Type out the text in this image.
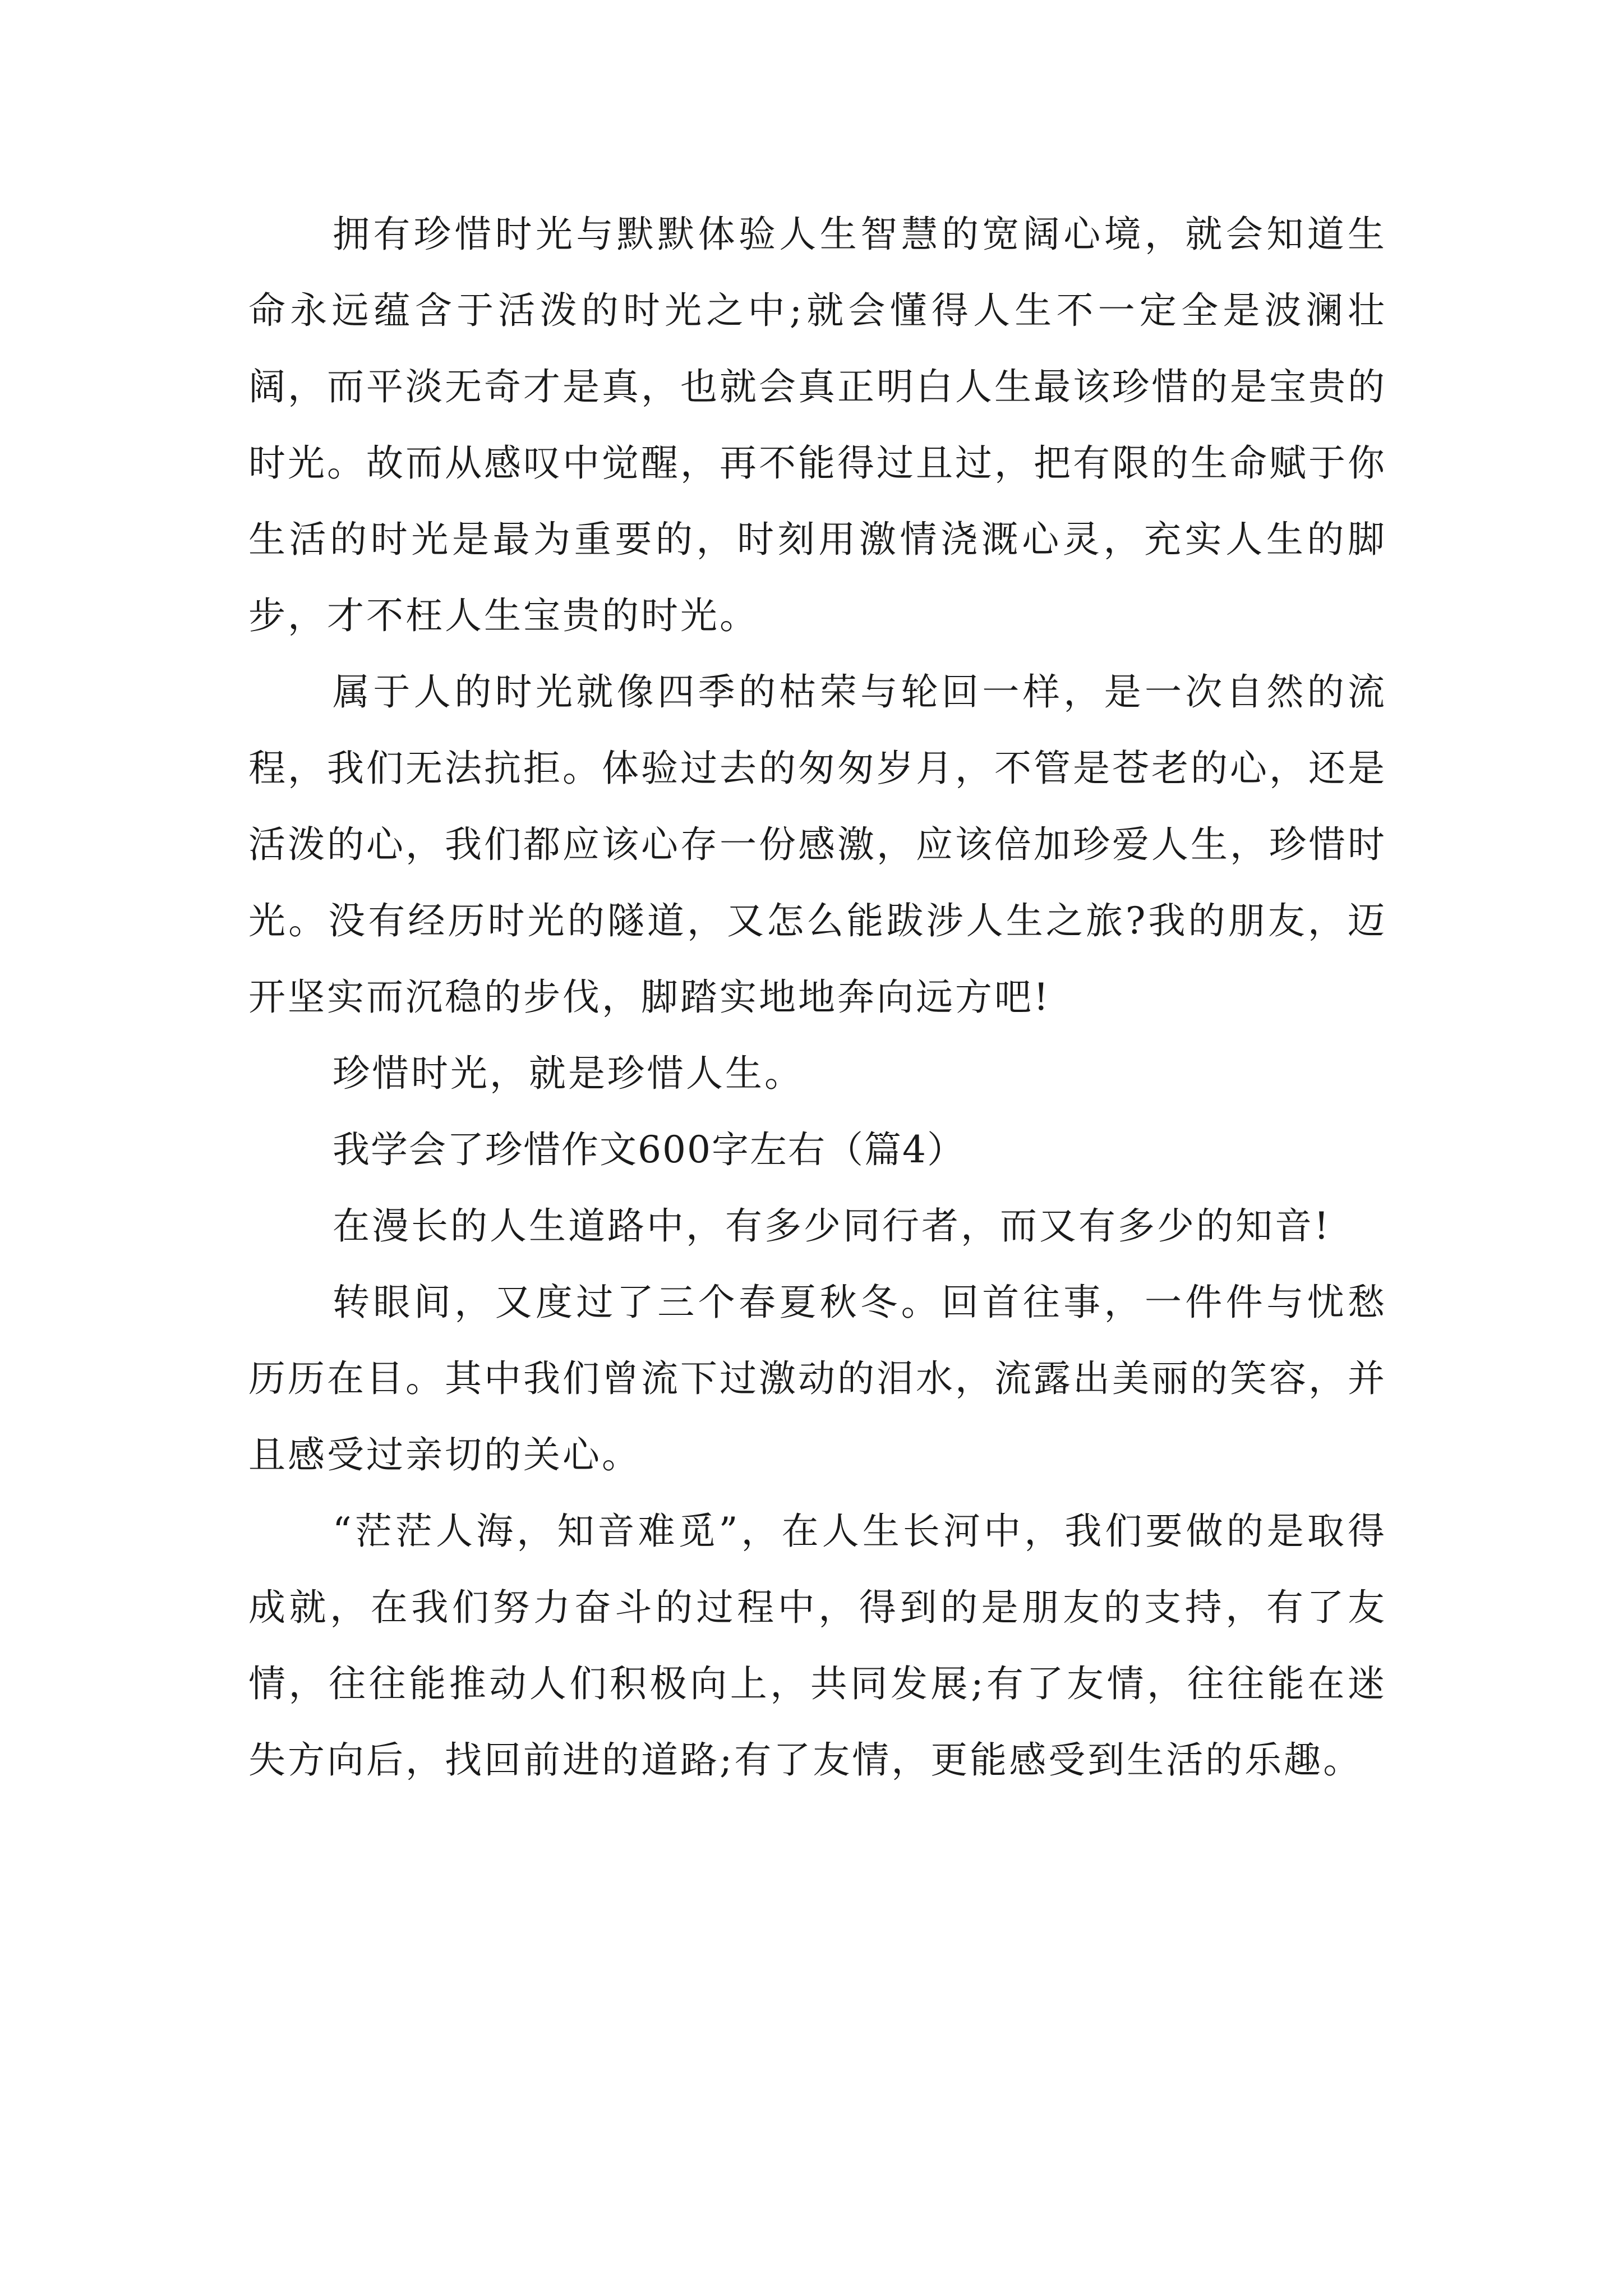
拥有珍惜时光与默默体验人生智慧的宽阔心境，就会知道生命永远蕴含于活泼的时光之中;就会懂得人生不一定全是波澜壮阔，而平淡无奇才是真，也就会真正明白人生最该珍惜的是宝贵的时光。故而从感叹中觉醒，再不能得过且过，把有限的生命赋于你生活的时光是最为重要的，时刻用激情浇溉心灵，充实人生的脚步，才不枉人生宝贵的时光。

属于人的时光就像四季的枯荣与轮回一样，是一次自然的流程，我们无法抗拒。体验过去的匆匆岁月，不管是苍老的心，还是活泼的心，我们都应该心存一份感激，应该倍加珍爱人生，珍惜时光。没有经历时光的隧道，又怎么能跋涉人生之旅?我的朋友，迈开坚实而沉稳的步伐，脚踏实地地奔向远方吧!

珍惜时光，就是珍惜人生。

我学会了珍惜作文600字左右（篇4）

在漫长的人生道路中，有多少同行者，而又有多少的知音!

转眼间，又度过了三个春夏秋冬。回首往事，一件件与忧愁历历在目。其中我们曾流下过激动的泪水，流露出美丽的笑容，并且感受过亲切的关心。

“茫茫人海，知音难觅”，在人生长河中，我们要做的是取得成就，在我们努力奋斗的过程中，得到的是朋友的支持，有了友情，往往能推动人们积极向上，共同发展;有了友情，往往能在迷失方向后，找回前进的道路;有了友情，更能感受到生活的乐趣。
